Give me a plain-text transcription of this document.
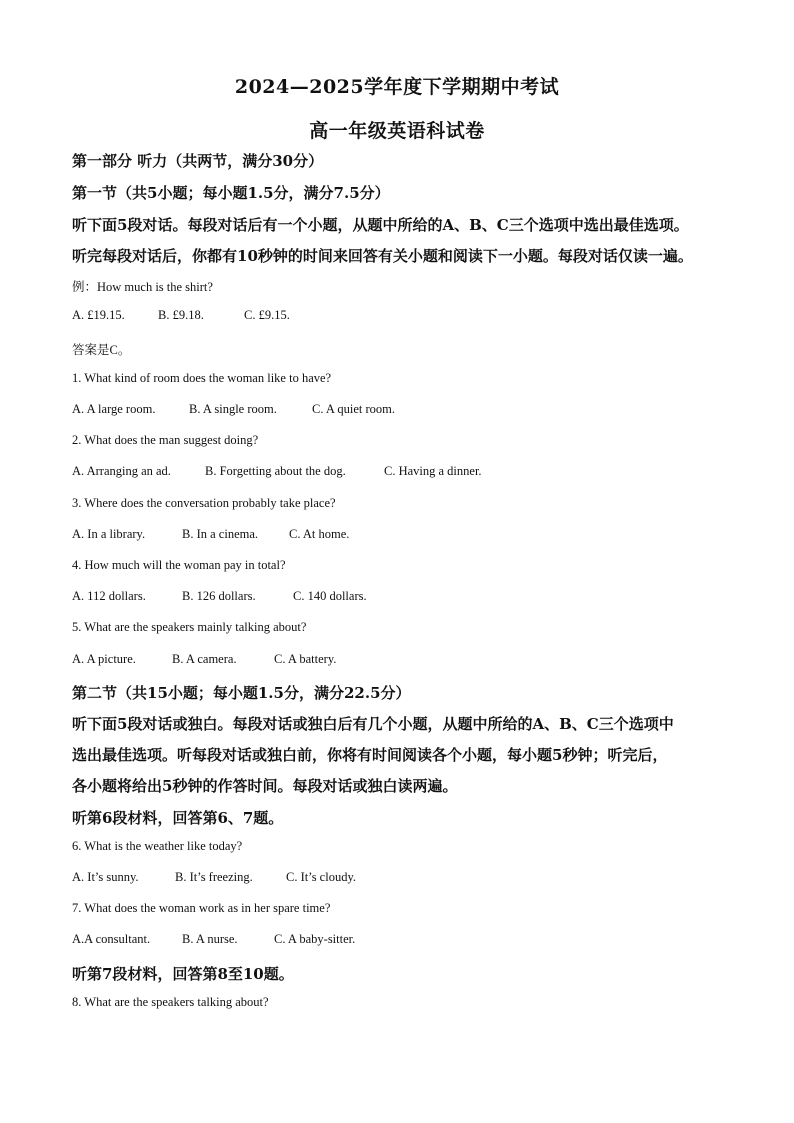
2024—2025学年度下学期期中考试
高一年级英语科试卷
第一部分 听力（共两节，满分30分）
第一节（共5小题；每小题1.5分，满分7.5分）
听下面5段对话。每段对话后有一个小题，从题中所给的A、B、C三个选项中选出最佳选项。
听完每段对话后，你都有10秒钟的时间来回答有关小题和阅读下一小题。每段对话仅读一遍。
例：How much is the shirt?
A. £19.15.	B. £9.18.	C. £9.15.
答案是C。
1. What kind of room does the woman like to have?
A. A large room.	B. A single room.	C. A quiet room.
2. What does the man suggest doing?
A. Arranging an ad.	B. Forgetting about the dog.	C. Having a dinner.
3. Where does the conversation probably take place?
A. In a library.	B. In a cinema. C. At home.
4. How much will the woman pay in total?
A. 112 dollars.	B. 126 dollars.	C. 140 dollars.
5. What are the speakers mainly talking about?
A. A picture.	B. A camera.	C. A battery.
第二节（共15小题；每小题1.5分，满分22.5分）
听下面5段对话或独白。每段对话或独白后有几个小题，从题中所给的A、B、C三个选项中
选出最佳选项。听每段对话或独白前，你将有时间阅读各个小题，每小题5秒钟；听完后，
各小题将给出5秒钟的作答时间。每段对话或独白读两遍。
听第6段材料，回答第6、7题。
6. What is the weather like today?
A. It’s sunny.	B. It’s freezing.	C. It’s cloudy.
7. What does the woman work as in her spare time?
A.A consultant.	B. A nurse.	C. A baby-sitter.
听第7段材料，回答第8至10题。
8. What are the speakers talking about?
